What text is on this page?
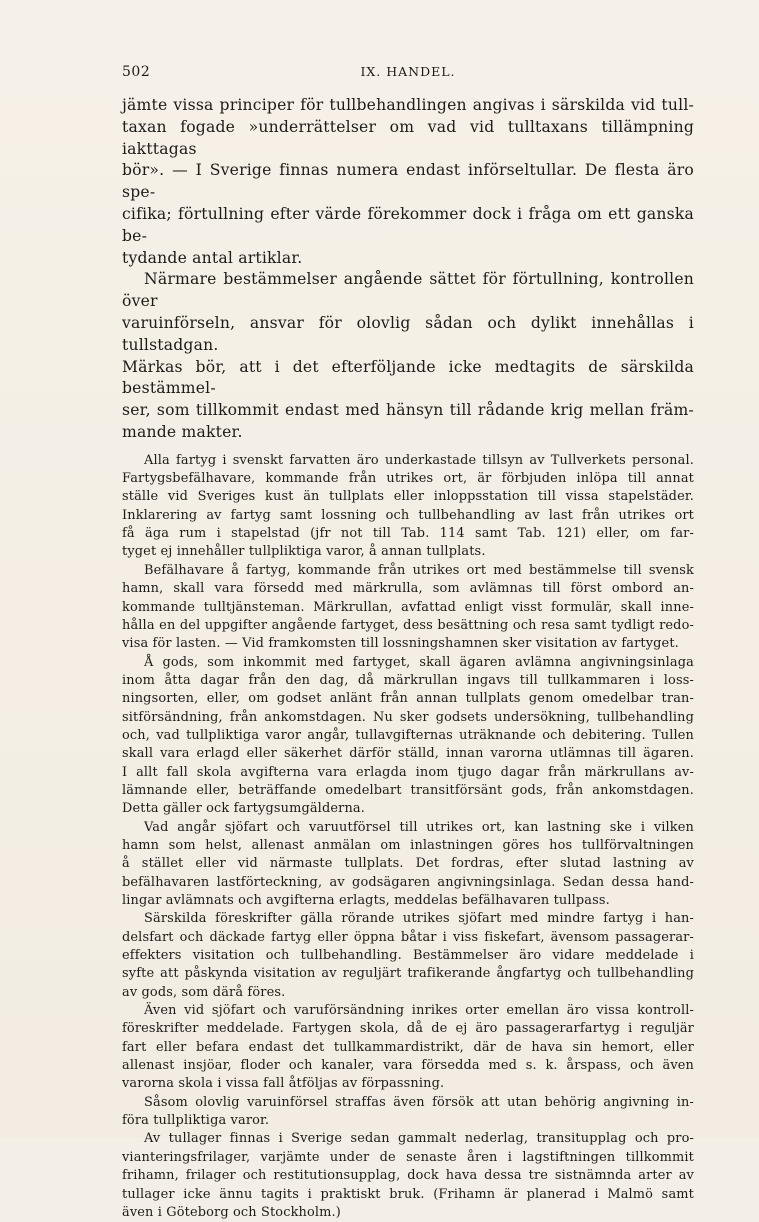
502	IX. HANDEL.

jämte vissa principer för tullbehandlingen angivas i särskilda vid tull-

taxan fogade »underrättelser om vad vid tulltaxans tillämpning iakttagas

bör». — I Sverige finnas numera endast införseltullar. De flesta äro spe-

cifika; förtullning efter värde förekommer dock i fråga om ett ganska be-

tydande antal artiklar.

Närmare bestämmelser angående sättet för förtullning, kontrollen över

varuinförseln, ansvar för olovlig sådan och dylikt innehållas i tullstadgan.

Märkas bör, att i det efterföljande icke medtagits de särskilda bestämmel-

ser, som tillkommit endast med hänsyn till rådande krig mellan främ-

mande makter.

Alla fartyg i svenskt farvatten äro underkastade tillsyn av Tullverkets personal.

Fartygsbefälhavare, kommande från utrikes ort, är förbjuden inlöpa till annat

ställe vid Sveriges kust än tullplats eller inloppsstation till vissa stapelstäder.

Inklarering av fartyg samt lossning och tullbehandling av last från utrikes ort

få äga rum i stapelstad (jfr not till Tab. 114 samt Tab. 121) eller, om far-

tyget ej innehåller tullpliktiga varor, å annan tullplats.

Befälhavare å fartyg, kommande från utrikes ort med bestämmelse till svensk

hamn, skall vara försedd med märkrulla, som avlämnas till först ombord an-

kommande tulltjänsteman. Märkrullan, avfattad enligt visst formulär, skall inne-

hålla en del uppgifter angående fartyget, dess besättning och resa samt tydligt redo-

visa för lasten. — Vid framkomsten till lossningshamnen sker visitation av fartyget.

Å gods, som inkommit med fartyget, skall ägaren avlämna angivningsinlaga

inom åtta dagar från den dag, då märkrullan ingavs till tullkammaren i loss-

ningsorten, eller, om godset anlänt från annan tullplats genom omedelbar tran-

sitförsändning, från ankomstdagen. Nu sker godsets undersökning, tullbehandling

och, vad tullpliktiga varor angår, tullavgifternas uträknande och debitering. Tullen

skall vara erlagd eller säkerhet därför ställd, innan varorna utlämnas till ägaren.

I allt fall skola avgifterna vara erlagda inom tjugo dagar från märkrullans av-

lämnande eller, beträffande omedelbart transitförsänt gods, från ankomstdagen.

Detta gäller ock fartygsumgälderna.

Vad angår sjöfart och varuutförsel till utrikes ort, kan lastning ske i vilken

hamn som helst, allenast anmälan om inlastningen göres hos tullförvaltningen

å stället eller vid närmaste tullplats. Det fordras, efter slutad lastning av

befälhavaren lastförteckning, av godsägaren angivningsinlaga. Sedan dessa hand-

lingar avlämnats och avgifterna erlagts, meddelas befälhavaren tullpass.

Särskilda föreskrifter gälla rörande utrikes sjöfart med mindre fartyg i han-

delsfart och däckade fartyg eller öppna båtar i viss fiskefart, ävensom passagerar-

effekters visitation och tullbehandling. Bestämmelser äro vidare meddelade i

syfte att påskynda visitation av reguljärt trafikerande ångfartyg och tullbehandling

av gods, som därå föres.

Även vid sjöfart och varuförsändning inrikes orter emellan äro vissa kontroll-

föreskrifter meddelade. Fartygen skola, då de ej äro passagerarfartyg i reguljär

fart eller befara endast det tullkammardistrikt, där de hava sin hemort, eller

allenast insjöar, floder och kanaler, vara försedda med s. k. årspass, och även

varorna skola i vissa fall åtföljas av förpassning.

Såsom olovlig varuinförsel straffas även försök att utan behörig angivning in-

föra tullpliktiga varor.

Av tullager finnas i Sverige sedan gammalt nederlag, transitupplag och pro-

vianteringsfrilager, varjämte under de senaste åren i lagstiftningen tillkommit

frihamn, frilager och restitutionsupplag, dock hava dessa tre sistnämnda arter av

tullager icke ännu tagits i praktiskt bruk. (Frihamn är planerad i Malmö samt

även i Göteborg och Stockholm.)
